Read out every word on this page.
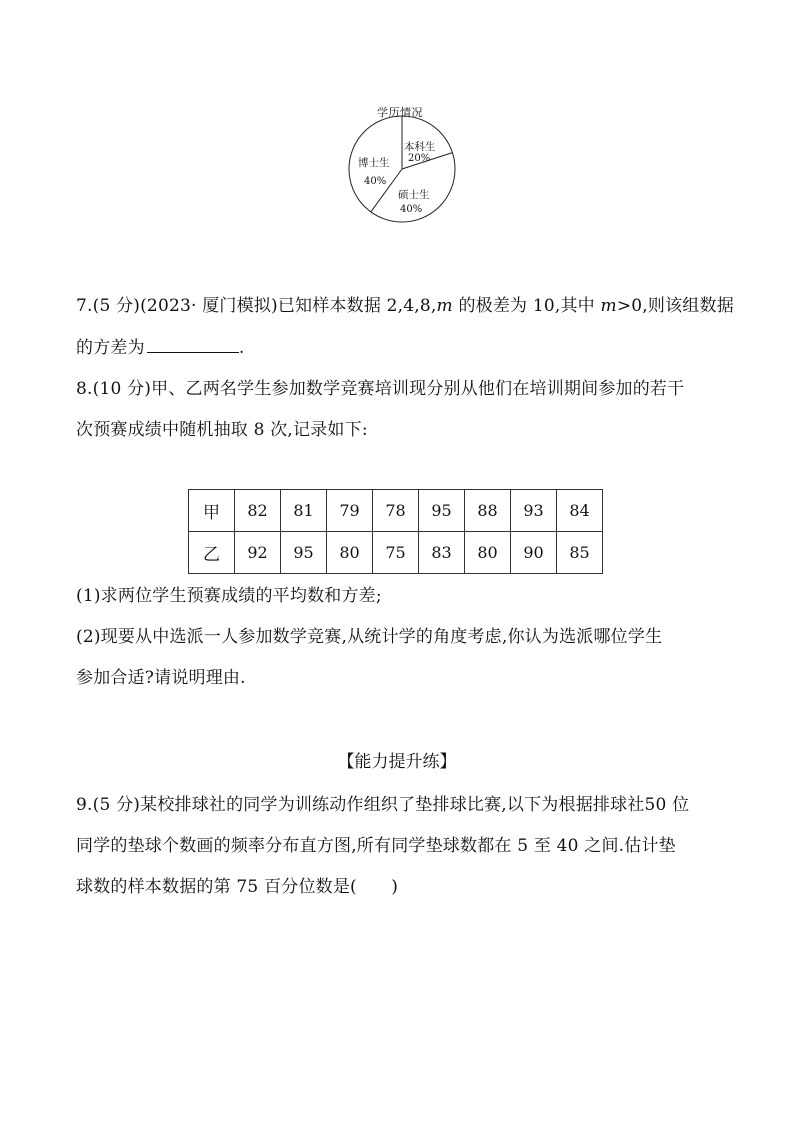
学历情况
本科生
20%
硕士生
40%
博士生
40%
7.(5 分)(2023· 厦门模拟)已知样本数据 2,4,8,m 的极差为 10,其中 m>0,则该组数据
的方差为	.
8.(10 分)甲、乙两名学生参加数学竞赛培训现分别从他们在培训期间参加的若干
次预赛成绩中随机抽取 8 次,记录如下:
甲	82	81	79	78	95	88	93	84
乙	92	95	80	75	83	80	90	85
(1)求两位学生预赛成绩的平均数和方差;
(2)现要从中选派一人参加数学竞赛,从统计学的角度考虑,你认为选派哪位学生
参加合适?请说明理由.
【能力提升练】
9.(5 分)某校排球社的同学为训练动作组织了垫排球比赛,以下为根据排球社50 位
同学的垫球个数画的频率分布直方图,所有同学垫球数都在 5 至 40 之间.估计垫
球数的样本数据的第 75 百分位数是(　　)
